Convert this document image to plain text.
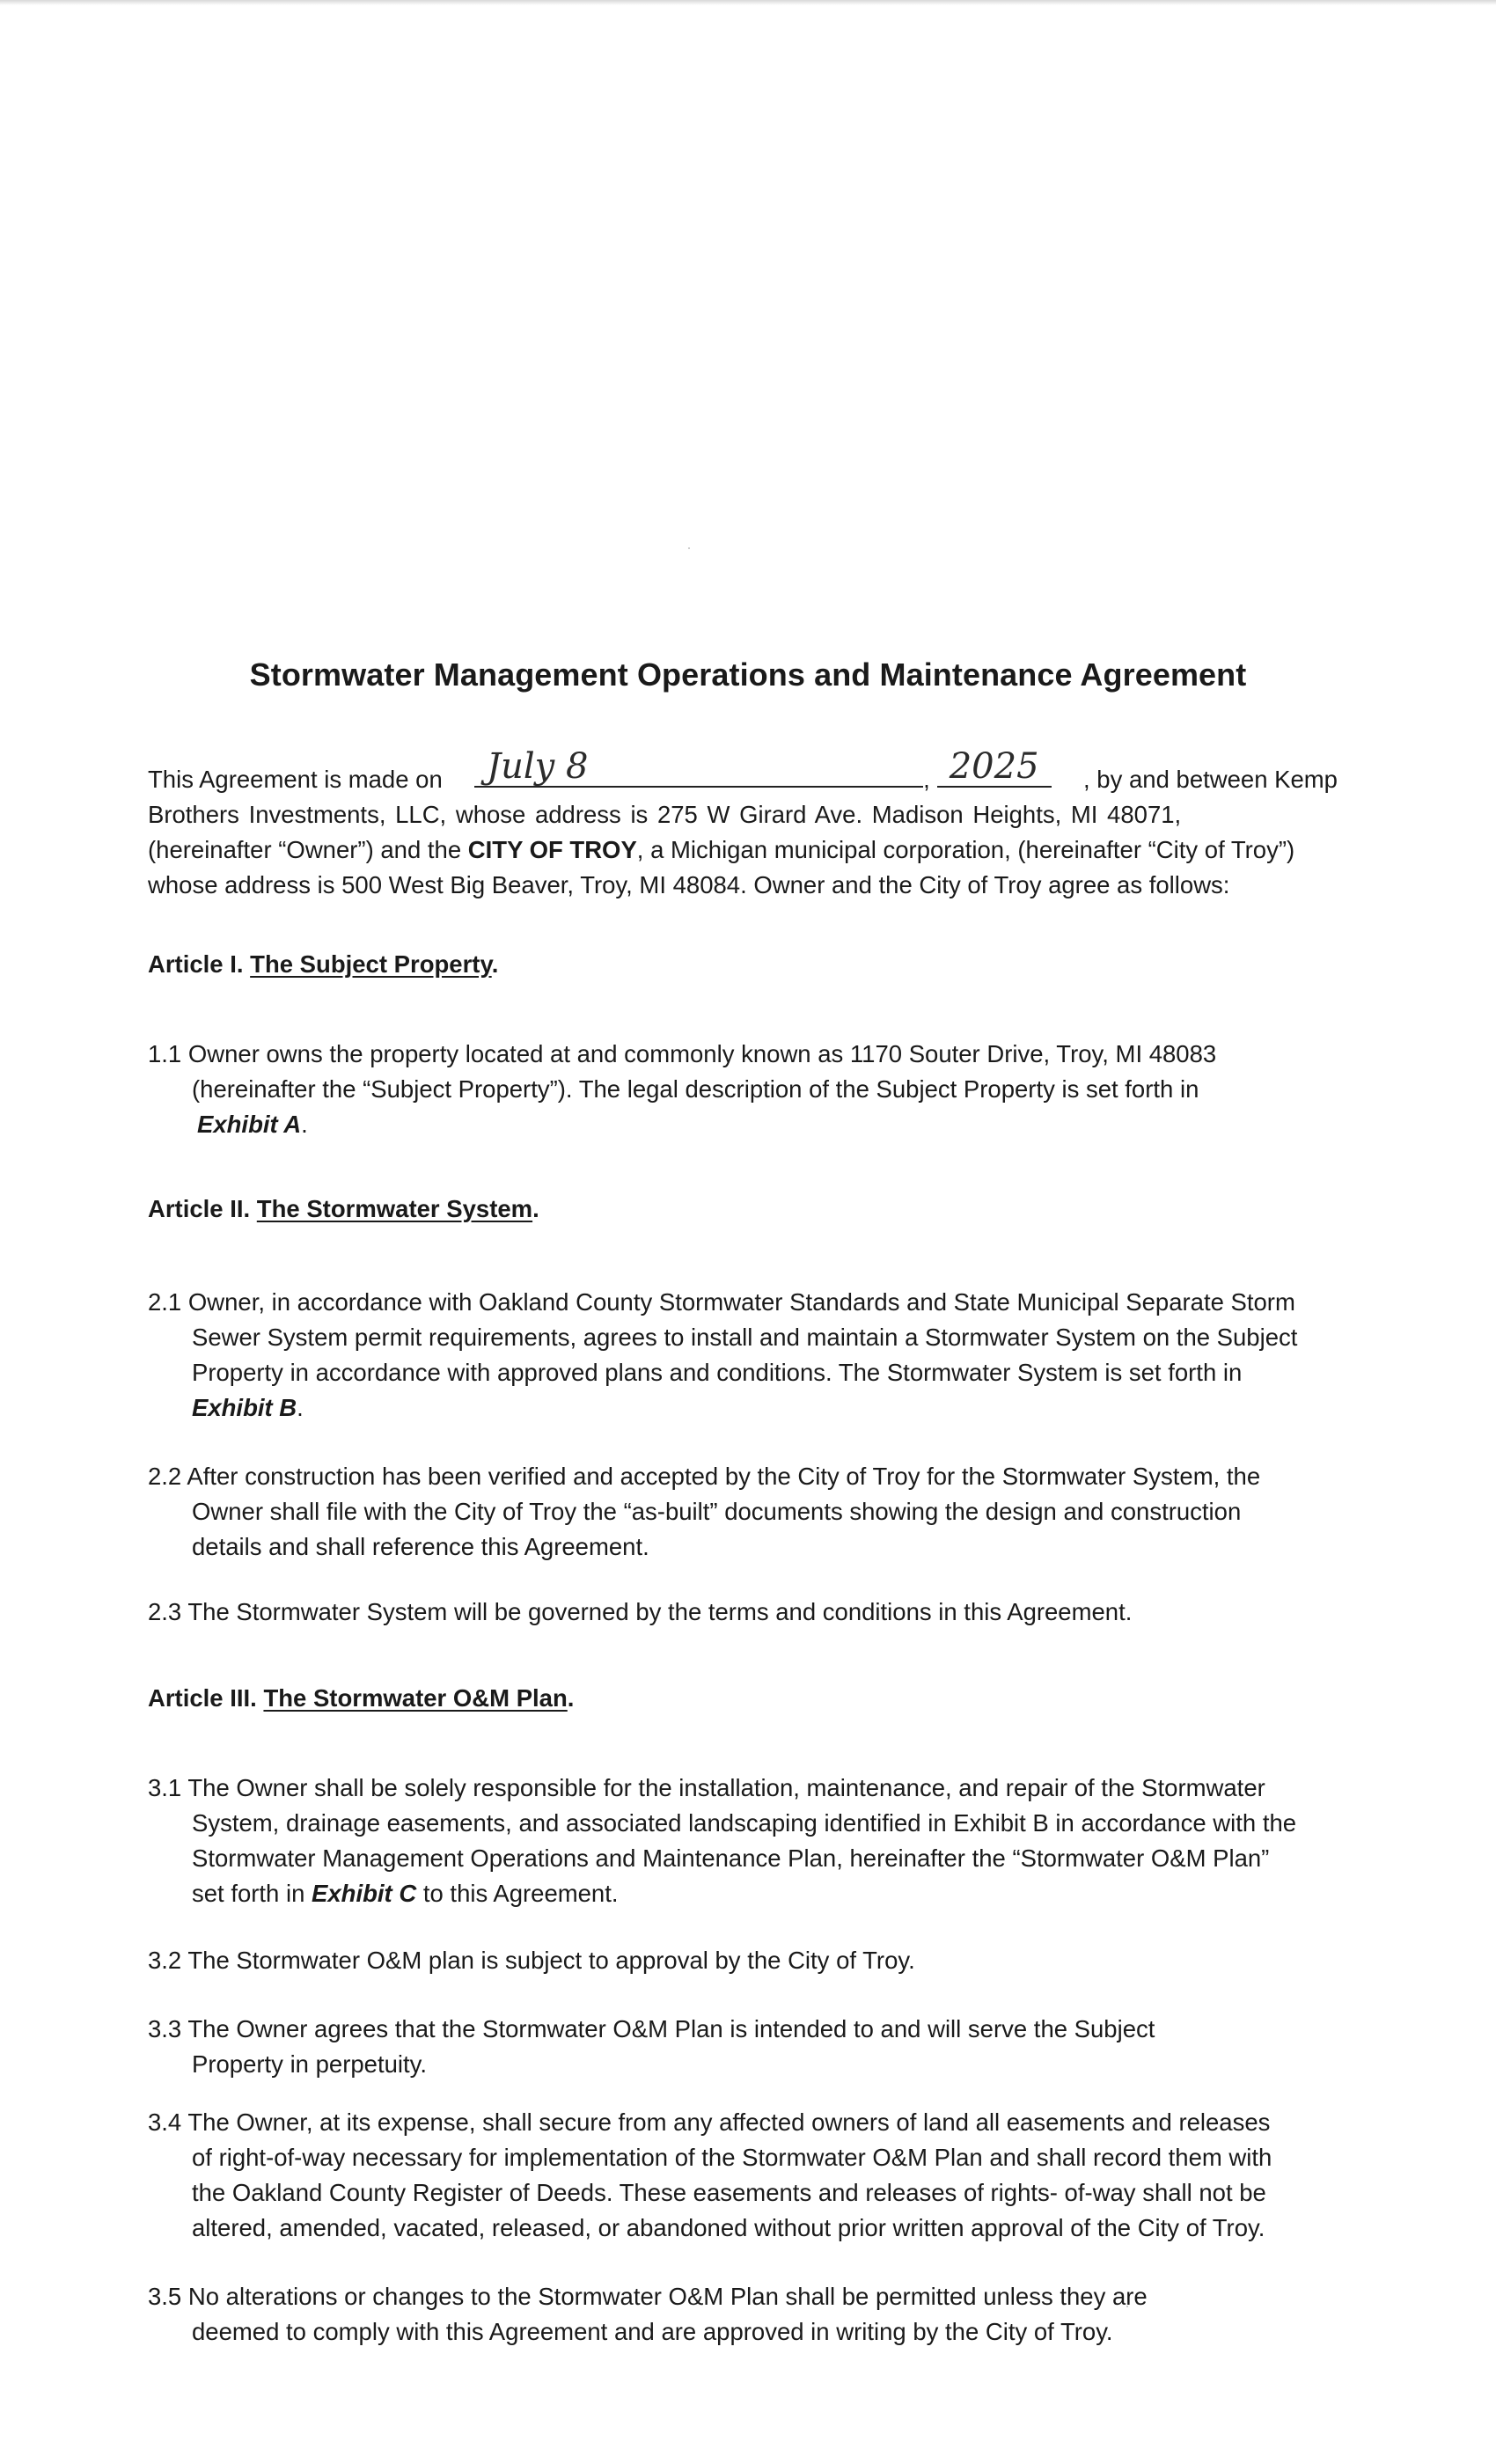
Stormwater Management Operations and Maintenance Agreement
This Agreement is made on	July 8	, 2025 , by and between Kemp
Brothers Investments, LLC, whose address is 275 W Girard Ave. Madison Heights, MI 48071,
(hereinafter “Owner”) and the CITY OF TROY , a Michigan municipal corporation, (hereinafter “City of Troy”)
whose address is 500 West Big Beaver, Troy, MI 48084. Owner and the City of Troy agree as follows:
Article I. The Subject Property.
1.1 Owner owns the property located at and commonly known as 1170 Souter Drive, Troy, MI 48083
(hereinafter the “Subject Property”). The legal description of the Subject Property is set forth in
Exhibit A.
Article II. The Stormwater System.
2.1 Owner, in accordance with Oakland County Stormwater Standards and State Municipal Separate Storm
Sewer System permit requirements, agrees to install and maintain a Stormwater System on the Subject
Property in accordance with approved plans and conditions. The Stormwater System is set forth in
Exhibit B.
2.2 After construction has been verified and accepted by the City of Troy for the Stormwater System, the
Owner shall file with the City of Troy the “as-built” documents showing the design and construction
details and shall reference this Agreement.
2.3 The Stormwater System will be governed by the terms and conditions in this Agreement.
Article III. The Stormwater O&M Plan.
3.1 The Owner shall be solely responsible for the installation, maintenance, and repair of the Stormwater
System, drainage easements, and associated landscaping identified in Exhibit B in accordance with the
Stormwater Management Operations and Maintenance Plan, hereinafter the “Stormwater O&M Plan”
set forth in Exhibit C to this Agreement.
3.2 The Stormwater O&M plan is subject to approval by the City of Troy.
3.3 The Owner agrees that the Stormwater O&M Plan is intended to and will serve the Subject
Property in perpetuity.
3.4 The Owner, at its expense, shall secure from any affected owners of land all easements and releases
of right-of-way necessary for implementation of the Stormwater O&M Plan and shall record them with
the Oakland County Register of Deeds. These easements and releases of rights- of-way shall not be
altered, amended, vacated, released, or abandoned without prior written approval of the City of Troy.
3.5 No alterations or changes to the Stormwater O&M Plan shall be permitted unless they are
deemed to comply with this Agreement and are approved in writing by the City of Troy.
